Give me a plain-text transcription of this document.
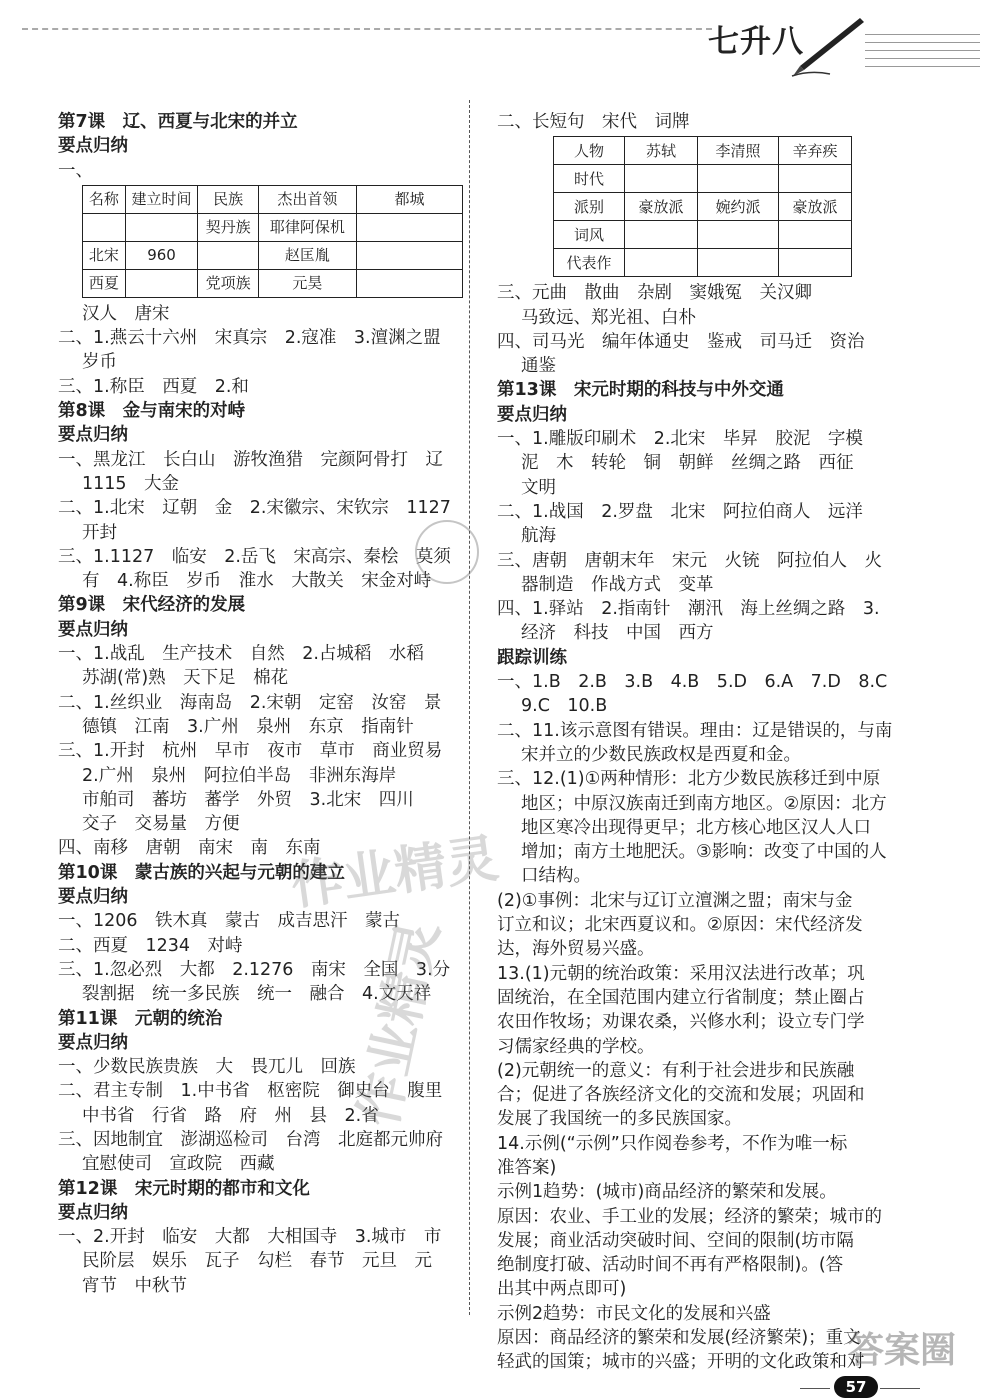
七升八
第7课　辽、西夏与北宋的并立
要点归纳
一、
名称	建立时间	民族	杰出首领	都城
		契丹族	耶律阿保机	
北宋	960		赵匡胤	
西夏		党项族	元昊	
汉人　唐宋
二、1.燕云十六州　宋真宗　2.寇准　3.澶渊之盟
岁币
三、1.称臣　西夏　2.和
第8课　金与南宋的对峙
要点归纳
一、黑龙江　长白山　游牧渔猎　完颜阿骨打　辽
1115　大金
二、1.北宋　辽朝　金　2.宋徽宗、宋钦宗　1127
开封
三、1.1127　临安　2.岳飞　宋高宗、秦桧　莫须
有　4.称臣　岁币　淮水　大散关　宋金对峙
第9课　宋代经济的发展
要点归纳
一、1.战乱　生产技术　自然　2.占城稻　水稻
苏湖(常)熟　天下足　棉花
二、1.丝织业　海南岛　2.宋朝　定窑　汝窑　景
德镇　江南　3.广州　泉州　东京　指南针
三、1.开封　杭州　早市　夜市　草市　商业贸易
2.广州　泉州　阿拉伯半岛　非洲东海岸
市舶司　蕃坊　蕃学　外贸　3.北宋　四川
交子　交易量　方便
四、南移　唐朝　南宋　南　东南
第10课　蒙古族的兴起与元朝的建立
要点归纳
一、1206　铁木真　蒙古　成吉思汗　蒙古
二、西夏　1234　对峙
三、1.忽必烈　大都　2.1276　南宋　全国　3.分
裂割据　统一多民族　统一　融合　4.文天祥
第11课　元朝的统治
要点归纳
一、少数民族贵族　大　畏兀儿　回族
二、君主专制　1.中书省　枢密院　御史台　腹里
中书省　行省　路　府　州　县　2.省
三、因地制宜　澎湖巡检司　台湾　北庭都元帅府
宜慰使司　宣政院　西藏
第12课　宋元时期的都市和文化
要点归纳
一、2.开封　临安　大都　大相国寺　3.城市　市
民阶层　娱乐　瓦子　勾栏　春节　元旦　元
宵节　中秋节
二、长短句　宋代　词牌
人物	苏轼	李清照	辛弃疾
时代			
派别	豪放派	婉约派	豪放派
词风			
代表作			
三、元曲　散曲　杂剧　窦娥冤　关汉卿
马致远、郑光祖、白朴
四、司马光　编年体通史　鉴戒　司马迁　资治
通鉴
第13课　宋元时期的科技与中外交通
要点归纳
一、1.雕版印刷术　2.北宋　毕昇　胶泥　字模
泥　木　转轮　铜　朝鲜　丝绸之路　西征
文明
二、1.战国　2.罗盘　北宋　阿拉伯商人　远洋
航海
三、唐朝　唐朝末年　宋元　火铳　阿拉伯人　火
器制造　作战方式　变革
四、1.驿站　2.指南针　潮汛　海上丝绸之路　3.
经济　科技　中国　西方
跟踪训练
一、1.B　2.B　3.B　4.B　5.D　6.A　7.D　8.C
9.C　10.B
二、11.该示意图有错误。理由：辽是错误的，与南
宋并立的少数民族政权是西夏和金。
三、12.(1)①两种情形：北方少数民族移迁到中原
地区；中原汉族南迁到南方地区。②原因：北方
地区寒冷出现得更早；北方核心地区汉人人口
增加；南方土地肥沃。③影响：改变了中国的人
口结构。
(2)①事例：北宋与辽订立澶渊之盟；南宋与金
订立和议；北宋西夏议和。②原因：宋代经济发
达，海外贸易兴盛。
13.(1)元朝的统治政策：采用汉法进行改革；巩
固统治，在全国范围内建立行省制度；禁止圈占
农田作牧场；劝课农桑，兴修水利；设立专门学
习儒家经典的学校。
(2)元朝统一的意义：有利于社会进步和民族融
合；促进了各族经济文化的交流和发展；巩固和
发展了我国统一的多民族国家。
14.示例(“示例”只作阅卷参考，不作为唯一标
准答案)
示例1趋势：(城市)商品经济的繁荣和发展。
原因：农业、手工业的发展；经济的繁荣；城市的
发展；商业活动突破时间、空间的限制(坊市隔
绝制度打破、活动时间不再有严格限制)。(答
出其中两点即可)
示例2趋势：市民文化的发展和兴盛
原因：商品经济的繁荣和发展(经济繁荣)；重文
轻武的国策；城市的兴盛；开明的文化政策和对
作业精灵
作业精灵
答案圈
57
